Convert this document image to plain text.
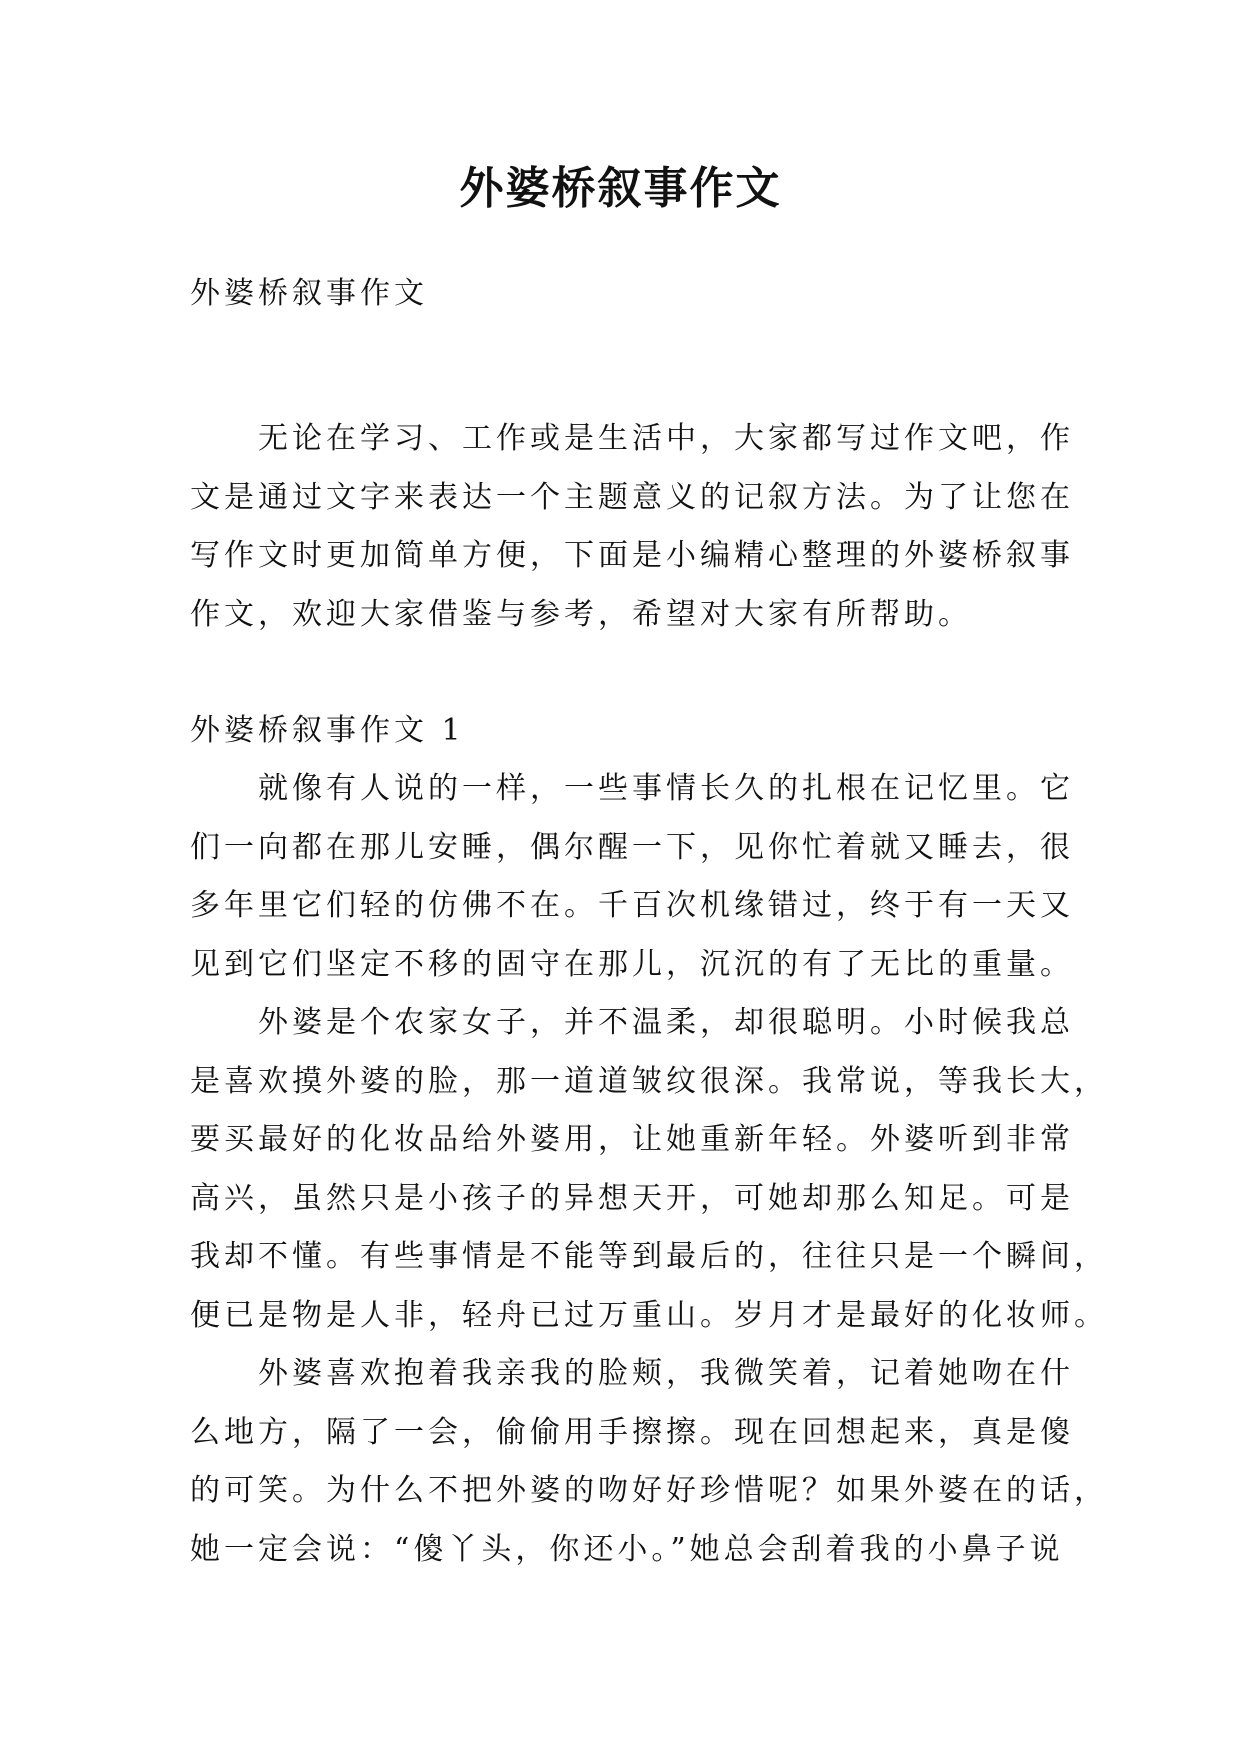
外婆桥叙事作文
外婆桥叙事作文
　　无论在学习、工作或是生活中，大家都写过作文吧，作
文是通过文字来表达一个主题意义的记叙方法。为了让您在
写作文时更加简单方便，下面是小编精心整理的外婆桥叙事
作文，欢迎大家借鉴与参考，希望对大家有所帮助。
外婆桥叙事作文 1
　　就像有人说的一样，一些事情长久的扎根在记忆里。它
们一向都在那儿安睡，偶尔醒一下，见你忙着就又睡去，很
多年里它们轻的仿佛不在。千百次机缘错过，终于有一天又
见到它们坚定不移的固守在那儿，沉沉的有了无比的重量。
　　外婆是个农家女子，并不温柔，却很聪明。小时候我总
是喜欢摸外婆的脸，那一道道皱纹很深。我常说，等我长大，
要买最好的化妆品给外婆用，让她重新年轻。外婆听到非常
高兴，虽然只是小孩子的异想天开，可她却那么知足。可是
我却不懂。有些事情是不能等到最后的，往往只是一个瞬间，
便已是物是人非，轻舟已过万重山。岁月才是最好的化妆师。
　　外婆喜欢抱着我亲我的脸颊，我微笑着，记着她吻在什
么地方，隔了一会，偷偷用手擦擦。现在回想起来，真是傻
的可笑。为什么不把外婆的吻好好珍惜呢？如果外婆在的话，
她一定会说：“傻丫头，你还小。”她总会刮着我的小鼻子说
